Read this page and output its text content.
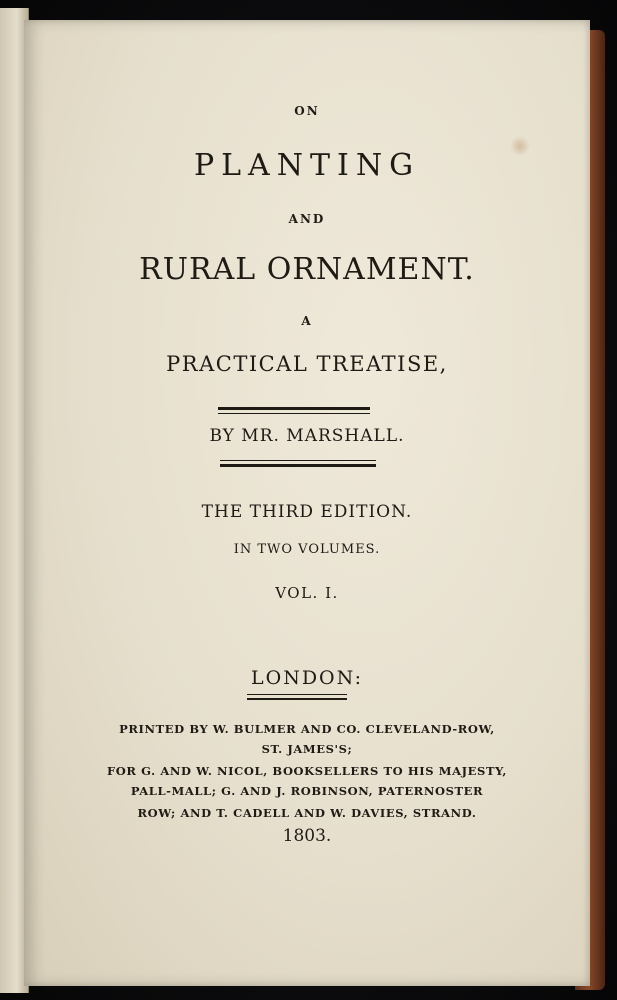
ON
PLANTING
AND
RURAL ORNAMENT.
A
PRACTICAL TREATISE,
BY MR. MARSHALL.
THE THIRD EDITION.
IN TWO VOLUMES.
VOL. I.
LONDON:
PRINTED BY W. BULMER AND CO. CLEVELAND-ROW,
ST. JAMES'S;
FOR G. AND W. NICOL, BOOKSELLERS TO HIS MAJESTY,
PALL-MALL; G. AND J. ROBINSON, PATERNOSTER
ROW; AND T. CADELL AND W. DAVIES, STRAND.
1803.
